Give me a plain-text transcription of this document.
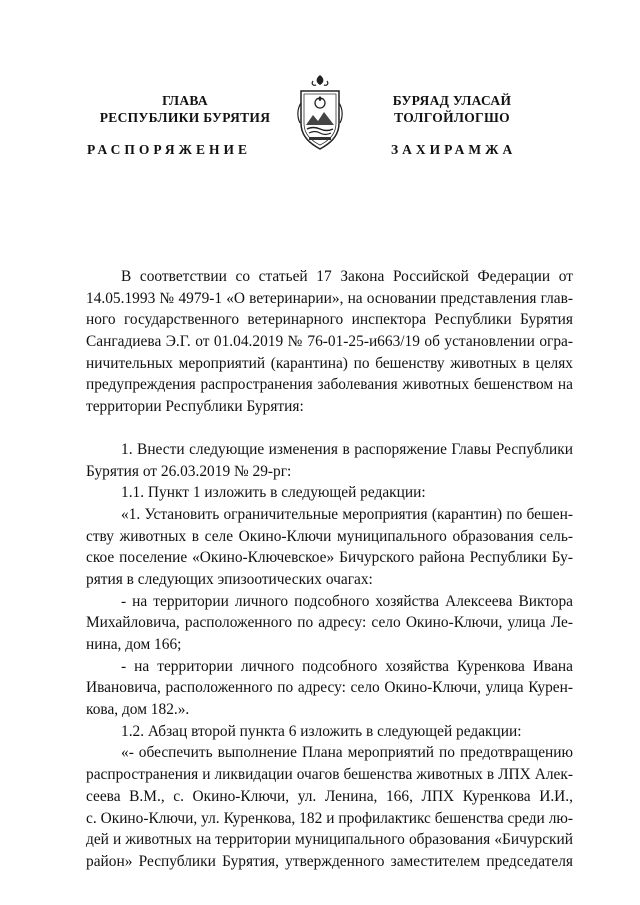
ГЛАВА
РЕСПУБЛИКИ БУРЯТИЯ
БУРЯАД УЛАСАЙ
ТОЛГОЙЛОГШО
РАСПОРЯЖЕНИЕ	ЗАХИРАМЖА
В соответствии со статьей 17 Закона Российской Федерации от
14.05.1993 № 4979-1 «О ветеринарии», на основании представления глав-
ного государственного ветеринарного инспектора Республики Бурятия
Сангадиева Э.Г. от 01.04.2019 № 76-01-25-и663/19 об установлении огра-
ничительных мероприятий (карантина) по бешенству животных в целях
предупреждения распространения заболевания животных бешенством на
территории Республики Бурятия:
1. Внести следующие изменения в распоряжение Главы Республики
Бурятия от 26.03.2019 № 29-рг:
1.1. Пункт 1 изложить в следующей редакции:
«1. Установить ограничительные мероприятия (карантин) по бешен-
ству животных в селе Окино-Ключи муниципального образования сель-
ское поселение «Окино-Ключевское» Бичурского района Республики Бу-
рятия в следующих эпизоотических очагах:
- на территории личного подсобного хозяйства Алексеева Виктора
Михайловича, расположенного по адресу: село Окино-Ключи, улица Ле-
нина, дом 166;
- на территории личного подсобного хозяйства Куренкова Ивана
Ивановича, расположенного по адресу: село Окино-Ключи, улица Курен-
кова, дом 182.».
1.2. Абзац второй пункта 6 изложить в следующей редакции:
«- обеспечить выполнение Плана мероприятий по предотвращению
распространения и ликвидации очагов бешенства животных в ЛПХ Алек-
сеева В.М., с. Окино-Ключи, ул. Ленина, 166, ЛПХ Куренкова И.И.,
с. Окино-Ключи, ул. Куренкова, 182 и профилактикс бешенства среди лю-
дей и животных на территории муниципального образования «Бичурский
район» Республики Бурятия, утвержденного заместителем председателя
